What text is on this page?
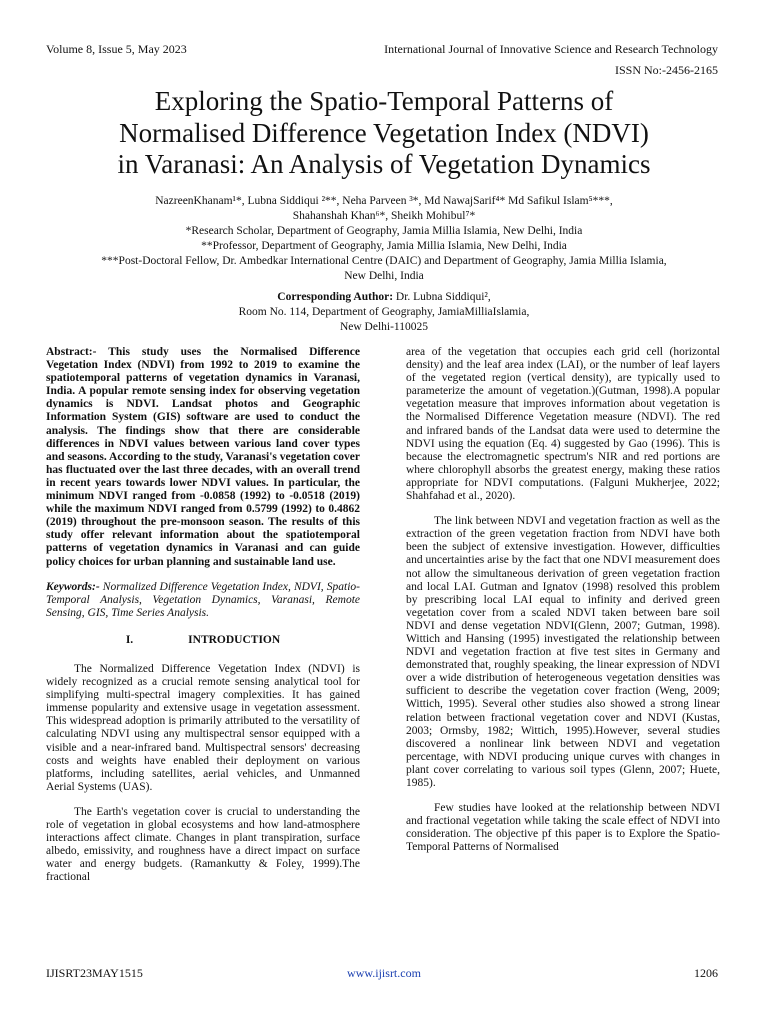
Volume 8, Issue 5, May 2023	International Journal of Innovative Science and Research Technology
ISSN No:-2456-2165
Exploring the Spatio-Temporal Patterns of
Normalised Difference Vegetation Index (NDVI)
in Varanasi: An Analysis of Vegetation Dynamics

NazreenKhanam¹*, Lubna Siddiqui ²**, Neha Parveen ³*, Md NawajSarif⁴* Md Safikul Islam⁵***,

Shahanshah Khan⁶*, Sheikh Mohibul⁷*

*Research Scholar, Department of Geography, Jamia Millia Islamia, New Delhi, India

**Professor, Department of Geography, Jamia Millia Islamia, New Delhi, India

***Post-Doctoral Fellow, Dr. Ambedkar International Centre (DAIC) and Department of Geography, Jamia Millia Islamia,

New Delhi, India

Corresponding Author: Dr. Lubna Siddiqui²,

Room No. 114, Department of Geography, JamiaMilliaIslamia,

New Delhi-110025

Abstract:- This study uses the Normalised Difference Vegetation Index (NDVI) from 1992 to 2019 to examine the spatiotemporal patterns of vegetation dynamics in Varanasi, India. A popular remote sensing index for observing vegetation dynamics is NDVI. Landsat photos and Geographic Information System (GIS) software are used to conduct the analysis. The findings show that there are considerable differences in NDVI values between various land cover types and seasons. According to the study, Varanasi's vegetation cover has fluctuated over the last three decades, with an overall trend in recent years towards lower NDVI values. In particular, the minimum NDVI ranged from -0.0858 (1992) to -0.0518 (2019) while the maximum NDVI ranged from 0.5799 (1992) to 0.4862 (2019) throughout the pre-monsoon season. The results of this study offer relevant information about the spatiotemporal patterns of vegetation dynamics in Varanasi and can guide policy choices for urban planning and sustainable land use.

Keywords:- Normalized Difference Vegetation Index, NDVI, Spatio-Temporal Analysis, Vegetation Dynamics, Varanasi, Remote Sensing, GIS, Time Series Analysis.

I.	INTRODUCTION

The Normalized Difference Vegetation Index (NDVI) is widely recognized as a crucial remote sensing analytical tool for simplifying multi-spectral imagery complexities. It has gained immense popularity and extensive usage in vegetation assessment. This widespread adoption is primarily attributed to the versatility of calculating NDVI using any multispectral sensor equipped with a visible and a near-infrared band. Multispectral sensors' decreasing costs and weights have enabled their deployment on various platforms, including satellites, aerial vehicles, and Unmanned Aerial Systems (UAS).

The Earth's vegetation cover is crucial to understanding the role of vegetation in global ecosystems and how land-atmosphere interactions affect climate. Changes in plant transpiration, surface albedo, emissivity, and roughness have a direct impact on surface water and energy budgets. (Ramankutty & Foley, 1999).The fractional

area of the vegetation that occupies each grid cell (horizontal density) and the leaf area index (LAI), or the number of leaf layers of the vegetated region (vertical density), are typically used to parameterize the amount of vegetation.)(Gutman, 1998).A popular vegetation measure that improves information about vegetation is the Normalised Difference Vegetation measure (NDVI). The red and infrared bands of the Landsat data were used to determine the NDVI using the equation (Eq. 4) suggested by Gao (1996). This is because the electromagnetic spectrum's NIR and red portions are where chlorophyll absorbs the greatest energy, making these ratios appropriate for NDVI computations. (Falguni Mukherjee, 2022; Shahfahad et al., 2020).

The link between NDVI and vegetation fraction as well as the extraction of the green vegetation fraction from NDVI have both been the subject of extensive investigation. However, difficulties and uncertainties arise by the fact that one NDVI measurement does not allow the simultaneous derivation of green vegetation fraction and local LAI. Gutman and Ignatov (1998) resolved this problem by prescribing local LAI equal to infinity and derived green vegetation cover from a scaled NDVI taken between bare soil NDVI and dense vegetation NDVI(Glenn, 2007; Gutman, 1998). Wittich and Hansing (1995) investigated the relationship between NDVI and vegetation fraction at five test sites in Germany and demonstrated that, roughly speaking, the linear expression of NDVI over a wide distribution of heterogeneous vegetation densities was sufficient to describe the vegetation cover fraction (Weng, 2009; Wittich, 1995). Several other studies also showed a strong linear relation between fractional vegetation cover and NDVI (Kustas, 2003; Ormsby, 1982; Wittich, 1995).However, several studies discovered a nonlinear link between NDVI and vegetation percentage, with NDVI producing unique curves with changes in plant cover correlating to various soil types (Glenn, 2007; Huete, 1985).

Few studies have looked at the relationship between NDVI and fractional vegetation while taking the scale effect of NDVI into consideration. The objective pf this paper is to Explore the Spatio-Temporal Patterns of Normalised

IJISRT23MAY1515	www.ijisrt.com	1206
